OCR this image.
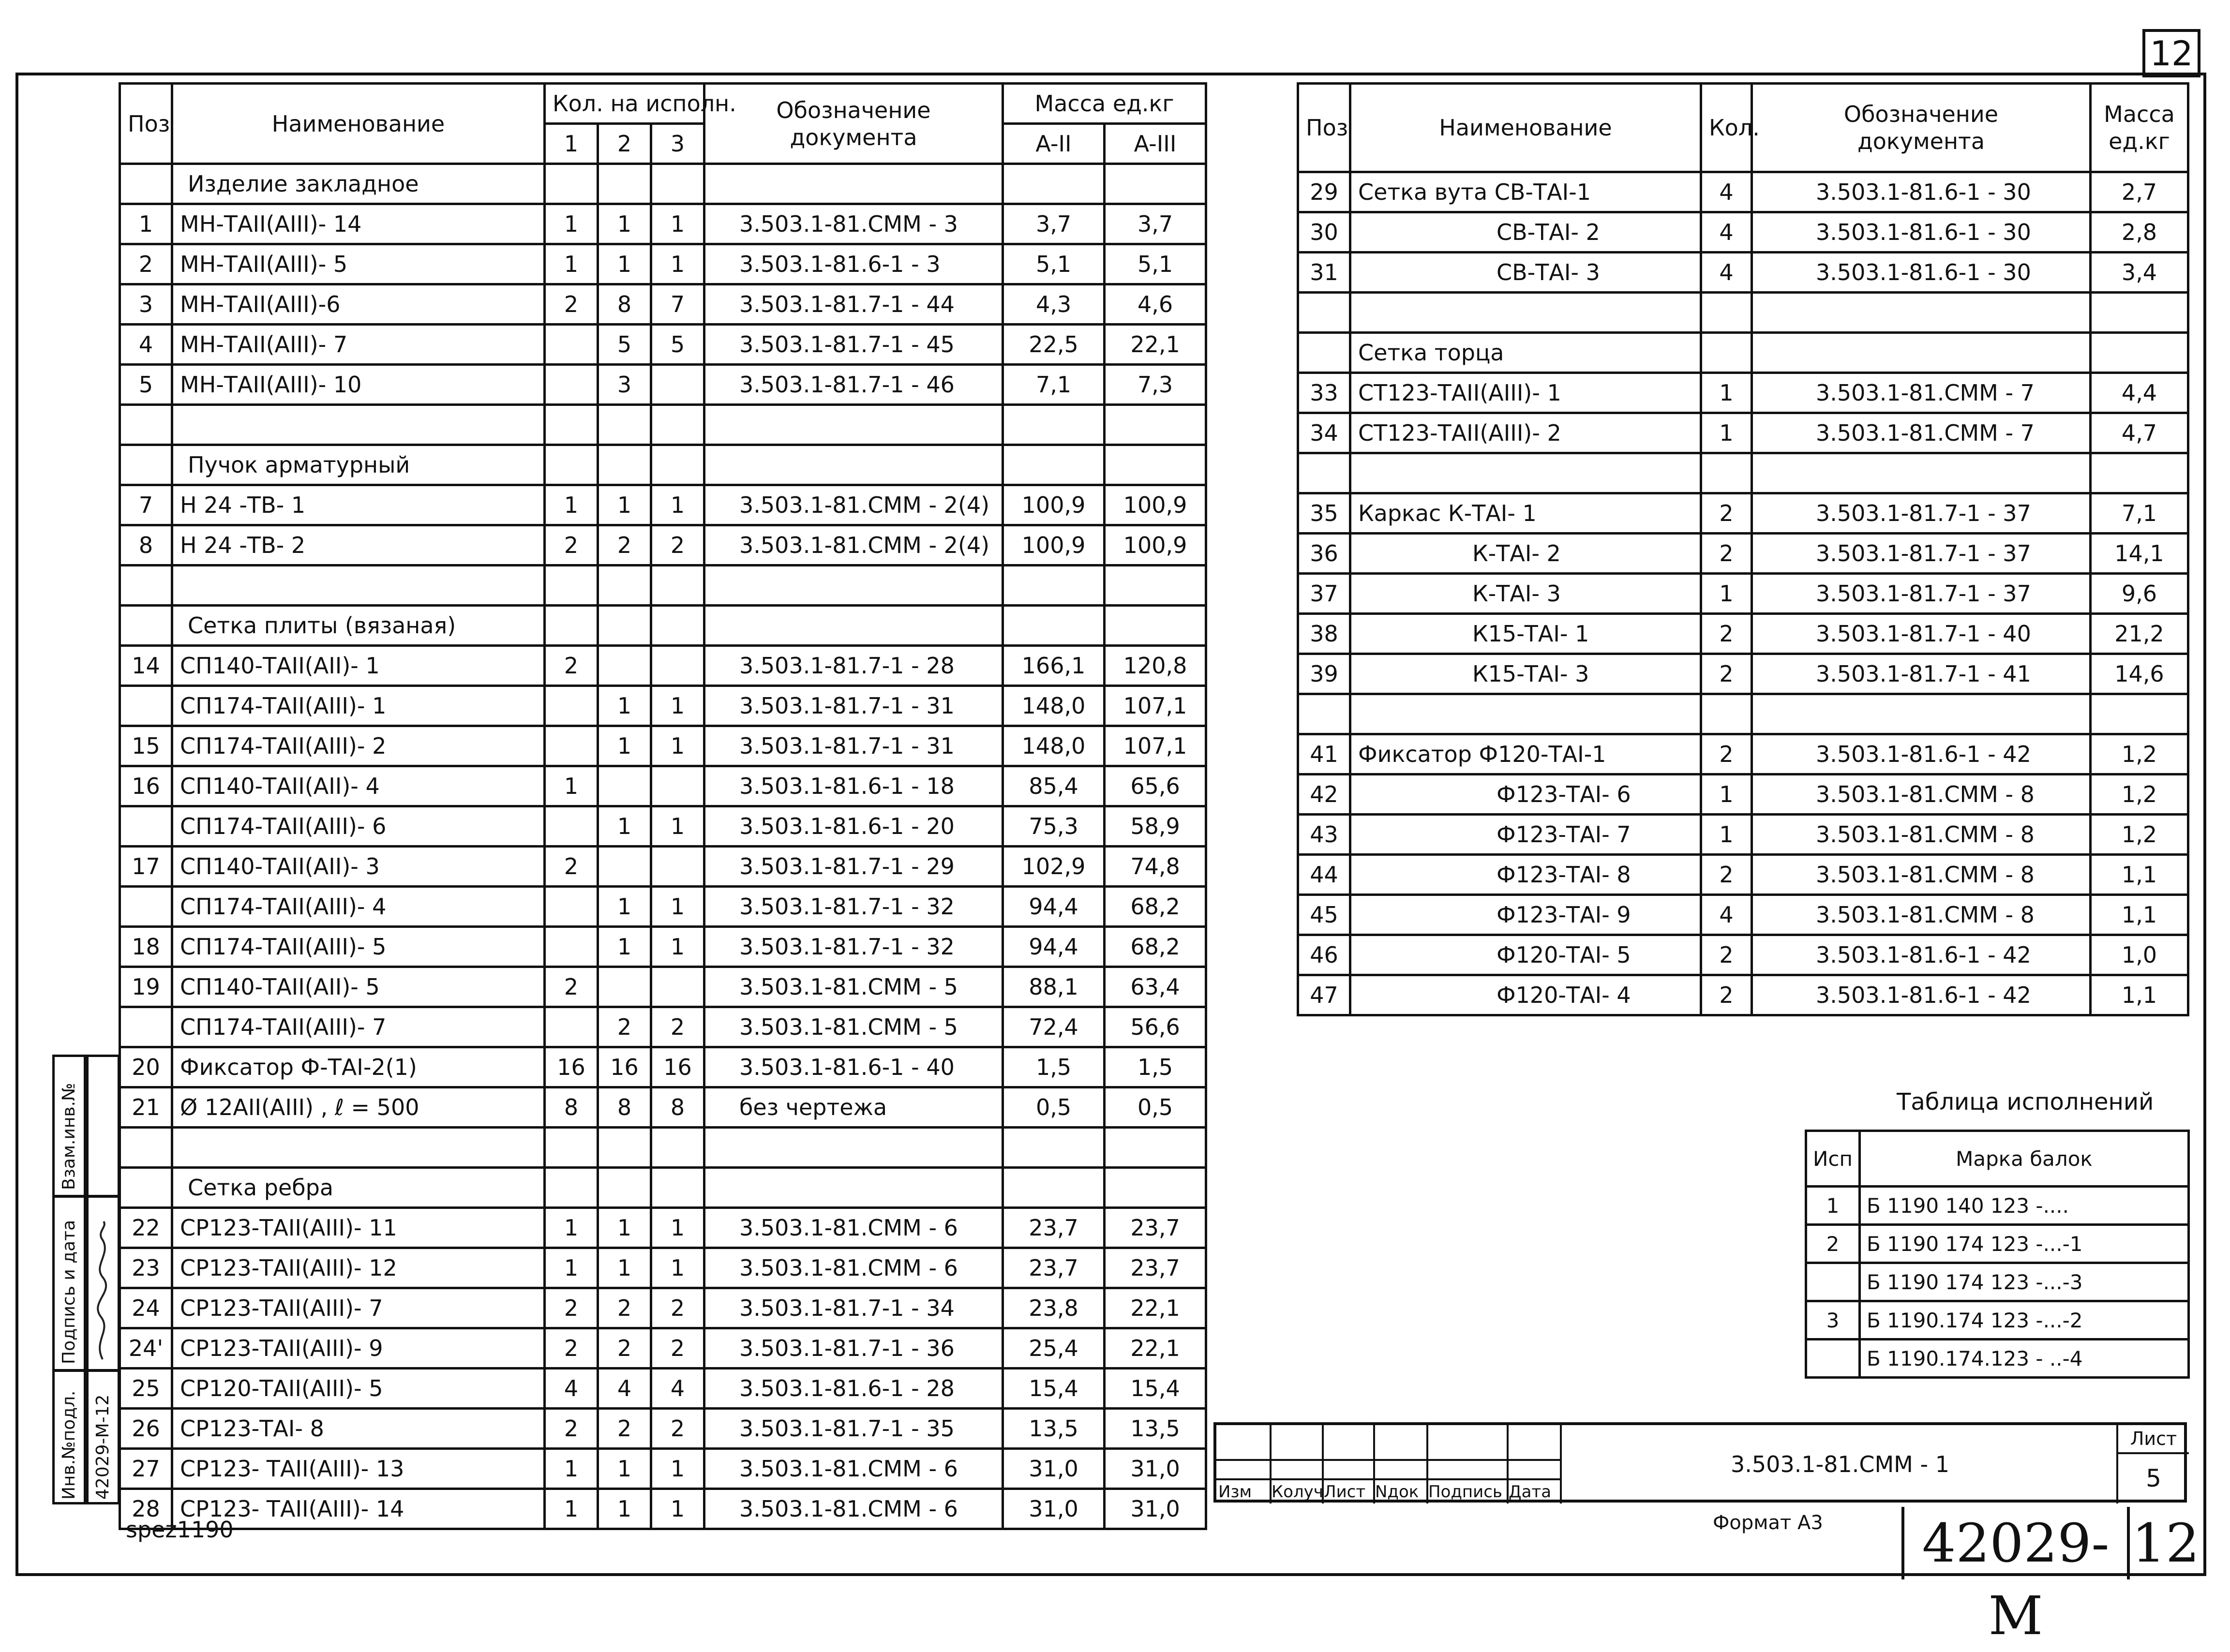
12
Поз	Наименование	Кол. на исполн.			Обозначение документа	Масса ед.кг	
		1	2	3		A-II	A-III
	Изделие закладное						
1	МН-ТАII(AIII)- 14	1	1	1	3.503.1-81.СММ - 3	3,7	3,7
2	МН-ТАII(AIII)- 5	1	1	1	3.503.1-81.6-1 - 3	5,1	5,1
3	МН-ТАII(AIII)-6	2	8	7	3.503.1-81.7-1 - 44	4,3	4,6
4	МН-ТАII(AIII)- 7		5	5	3.503.1-81.7-1 - 45	22,5	22,1
5	МН-ТАII(AIII)- 10		3		3.503.1-81.7-1 - 46	7,1	7,3

	Пучок арматурный						
7	Н 24 -ТВ- 1	1	1	1	3.503.1-81.СММ - 2(4)	100,9	100,9
8	Н 24 -ТВ- 2	2	2	2	3.503.1-81.СММ - 2(4)	100,9	100,9

	Сетка плиты (вязаная)						
14	СП140-ТАII(AII)- 1	2			3.503.1-81.7-1 - 28	166,1	120,8
	СП174-ТАII(AIII)- 1		1	1	3.503.1-81.7-1 - 31	148,0	107,1
15	СП174-ТАII(AIII)- 2		1	1	3.503.1-81.7-1 - 31	148,0	107,1
16	СП140-ТАII(AII)- 4	1			3.503.1-81.6-1 - 18	85,4	65,6
	СП174-ТАII(AIII)- 6		1	1	3.503.1-81.6-1 - 20	75,3	58,9
17	СП140-ТАII(AII)- 3	2			3.503.1-81.7-1 - 29	102,9	74,8
	СП174-ТАII(AIII)- 4		1	1	3.503.1-81.7-1 - 32	94,4	68,2
18	СП174-ТАII(AIII)- 5		1	1	3.503.1-81.7-1 - 32	94,4	68,2
19	СП140-ТАII(AII)- 5	2			3.503.1-81.СММ - 5	88,1	63,4
	СП174-ТАII(AIII)- 7		2	2	3.503.1-81.СММ - 5	72,4	56,6
20	Фиксатор Ф-ТАI-2(1)	16	16	16	3.503.1-81.6-1 - 40	1,5	1,5
21	Ø 12AII(AIII) , ℓ = 500	8	8	8	без чертежа	0,5	0,5

	Сетка ребра						
22	СР123-ТАII(AIII)- 11	1	1	1	3.503.1-81.СММ - 6	23,7	23,7
23	СР123-ТАII(AIII)- 12	1	1	1	3.503.1-81.СММ - 6	23,7	23,7
24	СР123-ТАII(AIII)- 7	2	2	2	3.503.1-81.7-1 - 34	23,8	22,1
24'	СР123-ТАII(AIII)- 9	2	2	2	3.503.1-81.7-1 - 36	25,4	22,1
25	СР120-ТАII(AIII)- 5	4	4	4	3.503.1-81.6-1 - 28	15,4	15,4
26	СР123-ТАI- 8	2	2	2	3.503.1-81.7-1 - 35	13,5	13,5
27	СР123- ТАII(AIII)- 13	1	1	1	3.503.1-81.СММ - 6	31,0	31,0
28	СР123- ТАII(AIII)- 14	1	1	1	3.503.1-81.СММ - 6	31,0	31,0
Поз	Наименование	Кол.	Обозначение документа	Масса ед.кг
29	Сетка вута СВ-ТАI-1	4	3.503.1-81.6-1 - 30	2,7
30	СВ-ТАI- 2	4	3.503.1-81.6-1 - 30	2,8
31	СВ-ТАI- 3	4	3.503.1-81.6-1 - 30	3,4

	Сетка торца			
33	СТ123-ТАII(AIII)- 1	1	3.503.1-81.СММ - 7	4,4
34	СТ123-ТАII(AIII)- 2	1	3.503.1-81.СММ - 7	4,7

35	Каркас К-ТАI- 1	2	3.503.1-81.7-1 - 37	7,1
36	К-ТАI- 2	2	3.503.1-81.7-1 - 37	14,1
37	К-ТАI- 3	1	3.503.1-81.7-1 - 37	9,6
38	К15-ТАI- 1	2	3.503.1-81.7-1 - 40	21,2
39	К15-ТАI- 3	2	3.503.1-81.7-1 - 41	14,6

41	Фиксатор Ф120-ТАI-1	2	3.503.1-81.6-1 - 42	1,2
42	Ф123-ТАI- 6	1	3.503.1-81.СММ - 8	1,2
43	Ф123-ТАI- 7	1	3.503.1-81.СММ - 8	1,2
44	Ф123-ТАI- 8	2	3.503.1-81.СММ - 8	1,1
45	Ф123-ТАI- 9	4	3.503.1-81.СММ - 8	1,1
46	Ф120-ТАI- 5	2	3.503.1-81.6-1 - 42	1,0
47	Ф120-ТАI- 4	2	3.503.1-81.6-1 - 42	1,1
Таблица исполнений
Исп	Марка балок
1	Б 1190 140 123 -....
2	Б 1190 174 123 -...-1
	Б 1190 174 123 -...-3
3	Б 1190.174 123 -...-2
	Б 1190.174.123 - ..-4
Взам.инв.№
Подпись и дата
Инв.№подл. 42029-М-12	Изм Колуч Лист Nдок Подпись Дата
3.503.1-81.СММ - 1
Лист
5
Формат А3	42029-М
12
spez1190
